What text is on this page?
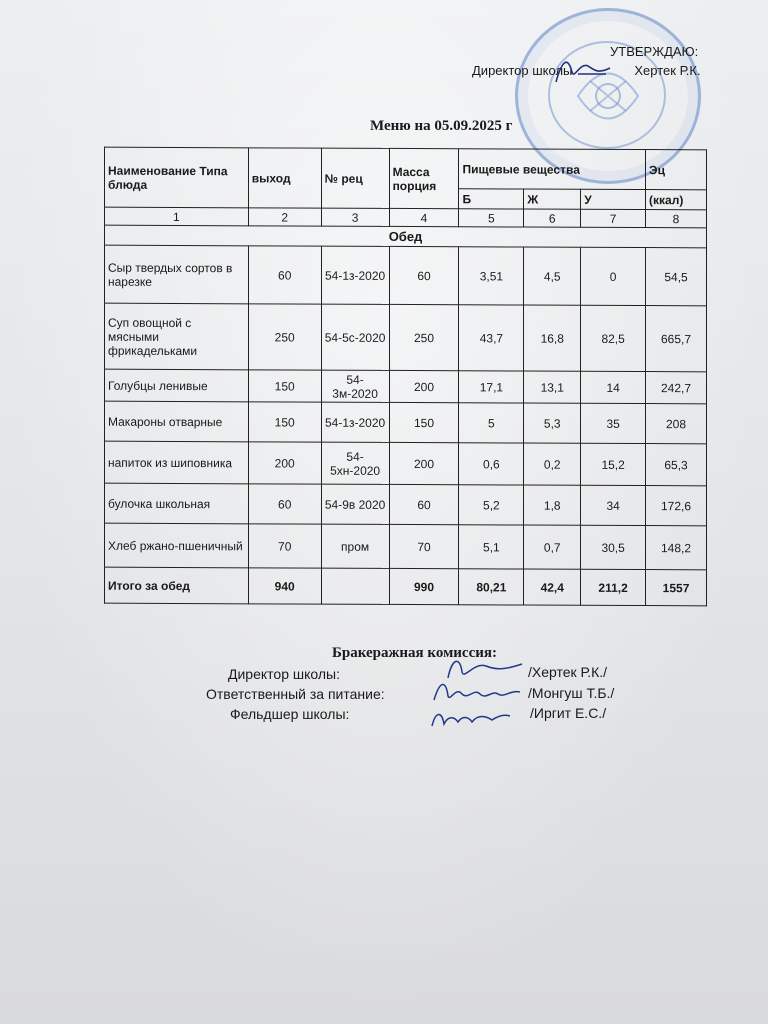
УТВЕРЖДАЮ:
Директор школы	Хертек Р.К.
Меню на 05.09.2025 г
Наименование Типа блюда	выход	№ рец	Масса порция	Пищевые вещества			Эц
				Б	Ж	У	(ккал)
1	2	3	4	5	6	7	8
Обед							
Сыр твердых сортов в нарезке	60	54-1з-2020	60	3,51	4,5	0	54,5
Суп овощной с мясными фрикадельками	250	54-5с-2020	250	43,7	16,8	82,5	665,7
Голубцы ленивые	150	54-3м-2020	200	17,1	13,1	14	242,7
Макароны отварные	150	54-1з-2020	150	5	5,3	35	208
напиток из шиповника	200	54-5хн-2020	200	0,6	0,2	15,2	65,3
булочка школьная	60	54-9в 2020	60	5,2	1,8	34	172,6
Хлеб ржано-пшеничный	70	пром	70	5,1	0,7	30,5	148,2
Итого за обед	940		990	80,21	42,4	211,2	1557
Бракеражная комиссия:
Директор школы:	/Хертек Р.К./
Ответственный за питание:	/Монгуш Т.Б./
Фельдшер школы:	/Иргит Е.С./
